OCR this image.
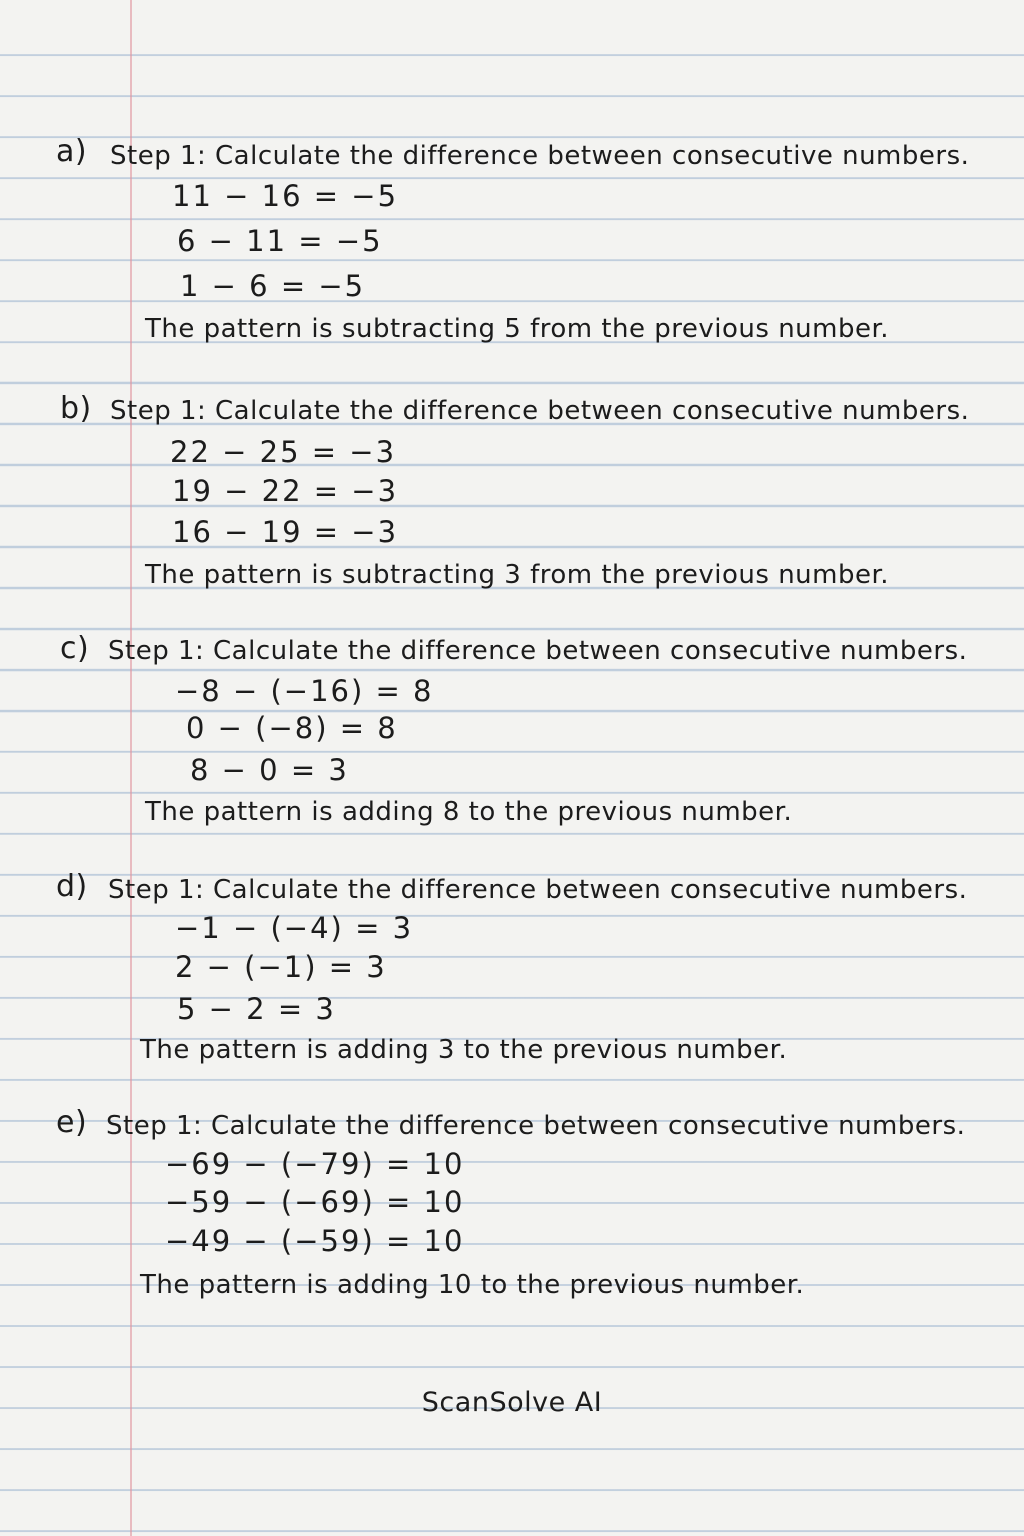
a) Step 1: Calculate the difference between consecutive numbers.
11 − 16 = −5
6 − 11 = −5
1 − 6 = −5
The pattern is subtracting 5 from the previous number.
b) Step 1: Calculate the difference between consecutive numbers.
22 − 25 = −3
19 − 22 = −3
16 − 19 = −3
The pattern is subtracting 3 from the previous number.
c) Step 1: Calculate the difference between consecutive numbers.
−8 − (−16) = 8
0 − (−8) = 8
8 − 0 = 3
The pattern is adding 8 to the previous number.
d) Step 1: Calculate the difference between consecutive numbers.
−1 − (−4) = 3
2 − (−1) = 3
5 − 2 = 3
The pattern is adding 3 to the previous number.
e) Step 1: Calculate the difference between consecutive numbers.
−69 − (−79) = 10
−59 − (−69) = 10
−49 − (−59) = 10
The pattern is adding 10 to the previous number.
ScanSolve AI
